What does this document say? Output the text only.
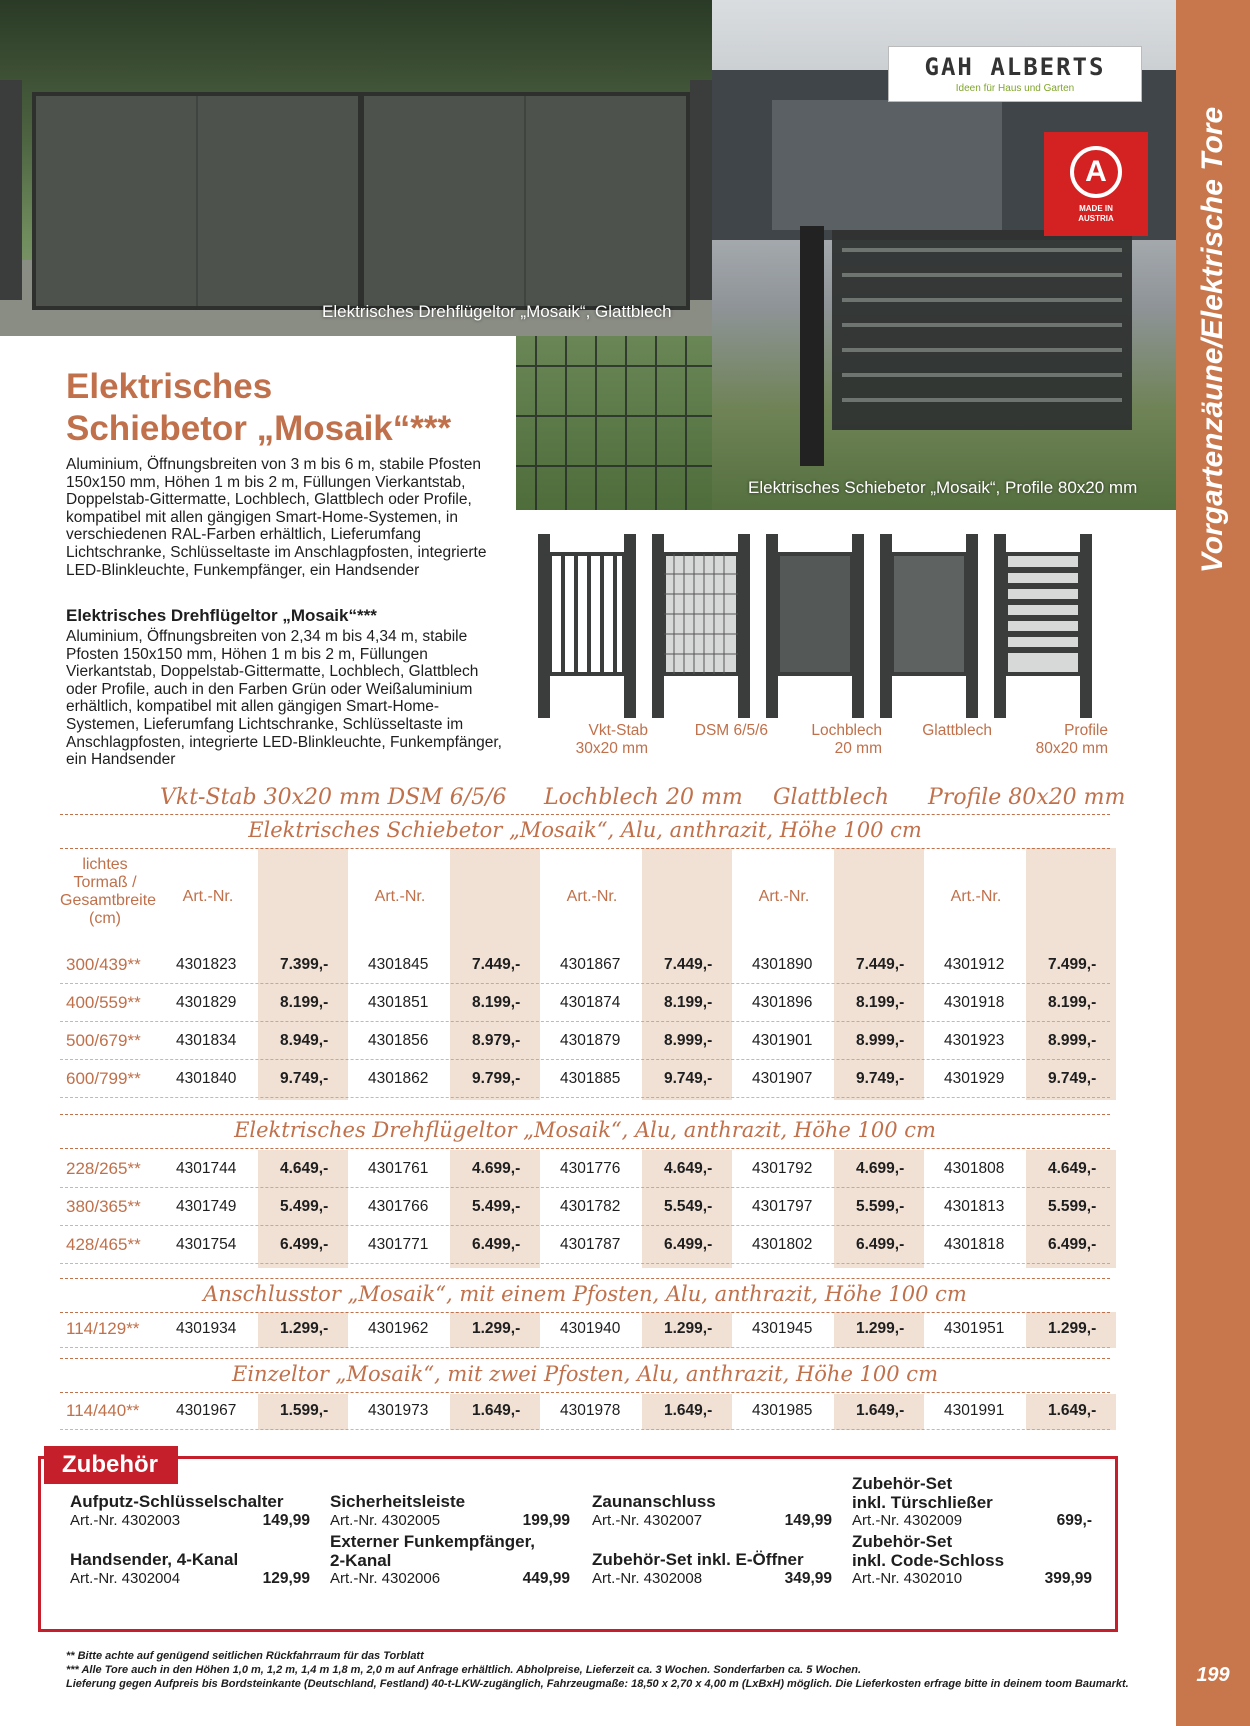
Vorgartenzäune/Elektrische Tore
199
Elektrisches Drehflügeltor „Mosaik“, Glattblech
Elektrisches Schiebetor „Mosaik“, Profile 80x20 mm
GAH ALBERTS
Ideen für Haus und Garten
A
MADE IN
AUSTRIA
Elektrisches
Schiebetor „Mosaik“***
Aluminium, Öffnungsbreiten von 3 m bis 6 m, stabile Pfosten 150x150 mm, Höhen 1 m bis 2 m, Füllungen Vierkantstab, Doppelstab-Gittermatte, Lochblech, Glattblech oder Profile, kompatibel mit allen gängigen Smart-Home-Systemen, in verschiedenen RAL-Farben erhältlich, Lieferumfang Lichtschranke, Schlüsseltaste im Anschlagpfosten, integrierte LED-Blinkleuchte, Funkempfänger, ein Handsender
Elektrisches Drehflügeltor „Mosaik“***
Aluminium, Öffnungsbreiten von 2,34 m bis 4,34 m, stabile Pfosten 150x150 mm, Höhen 1 m bis 2 m, Füllungen Vierkantstab, Doppelstab-Gittermatte, Lochblech, Glattblech oder Profile, auch in den Farben Grün oder Weißaluminium erhältlich, kompatibel mit allen gängigen Smart-Home-Systemen, Lieferumfang Lichtschranke, Schlüsseltaste im Anschlagpfosten, integrierte LED-Blinkleuchte, Funkempfänger, ein Handsender
Vkt-Stab
30x20 mm
DSM 6/5/6	Lochblech
20 mm
Glattblech	Profile
80x20 mm
Vkt-Stab 30x20 mm DSM 6/5/6	Lochblech 20 mm	Glattblech	Profile 80x20 mm
lichtes Tormaß / Gesamtbreite (cm)
Art.-Nr.	Art.-Nr.	Art.-Nr.	Art.-Nr.	Art.-Nr.
Elektrisches Schiebetor „Mosaik“, Alu, anthrazit, Höhe 100 cm
300/439** 4301823	7.399,-	4301845	7.449,-	4301867	7.449,-	4301890	7.449,-	4301912	7.499,-
400/559** 4301829	8.199,-	4301851	8.199,-	4301874	8.199,-	4301896	8.199,-	4301918	8.199,-
500/679** 4301834	8.949,-	4301856	8.979,-	4301879	8.999,-	4301901	8.999,-	4301923	8.999,-
600/799** 4301840	9.749,-	4301862	9.799,-	4301885	9.749,-	4301907	9.749,-	4301929	9.749,-
Elektrisches Drehflügeltor „Mosaik“, Alu, anthrazit, Höhe 100 cm
228/265** 4301744	4.649,-	4301761	4.699,-	4301776	4.649,-	4301792	4.699,-	4301808	4.649,-
380/365** 4301749	5.499,-	4301766	5.499,-	4301782	5.549,-	4301797	5.599,-	4301813	5.599,-
428/465** 4301754	6.499,-	4301771	6.499,-	4301787	6.499,-	4301802	6.499,-	4301818	6.499,-
Anschlusstor „Mosaik“, mit einem Pfosten, Alu, anthrazit, Höhe 100 cm
114/129** 4301934	1.299,-	4301962	1.299,-	4301940	1.299,-	4301945	1.299,-	4301951	1.299,-
Einzeltor „Mosaik“, mit zwei Pfosten, Alu, anthrazit, Höhe 100 cm
114/440** 4301967	1.599,-	4301973	1.649,-	4301978	1.649,-	4301985	1.649,-	4301991	1.649,-
Zubehör
Aufputz-Schlüsselschalter
Art.-Nr. 4302003	149,99
Sicherheitsleiste
Art.-Nr. 4302005	199,99
Zaunanschluss
Art.-Nr. 4302007	149,99
Zubehör-Set
inkl. Türschließer
Art.-Nr. 4302009	699,-
Handsender, 4-Kanal
Art.-Nr. 4302004	129,99
Externer Funkempfänger,
2-Kanal
Art.-Nr. 4302006	449,99
Zubehör-Set inkl. E-Öffner
Art.-Nr. 4302008	349,99
Zubehör-Set
inkl. Code-Schloss
Art.-Nr. 4302010	399,99
** Bitte achte auf genügend seitlichen Rückfahrraum für das Torblatt
*** Alle Tore auch in den Höhen 1,0 m, 1,2 m, 1,4 m 1,8 m, 2,0 m auf Anfrage erhältlich. Abholpreise, Lieferzeit ca. 3 Wochen. Sonderfarben ca. 5 Wochen.
Lieferung gegen Aufpreis bis Bordsteinkante (Deutschland, Festland) 40-t-LKW-zugänglich, Fahrzeugmaße: 18,50 x 2,70 x 4,00 m (LxBxH) möglich. Die Lieferkosten erfrage bitte in deinem toom Baumarkt.
